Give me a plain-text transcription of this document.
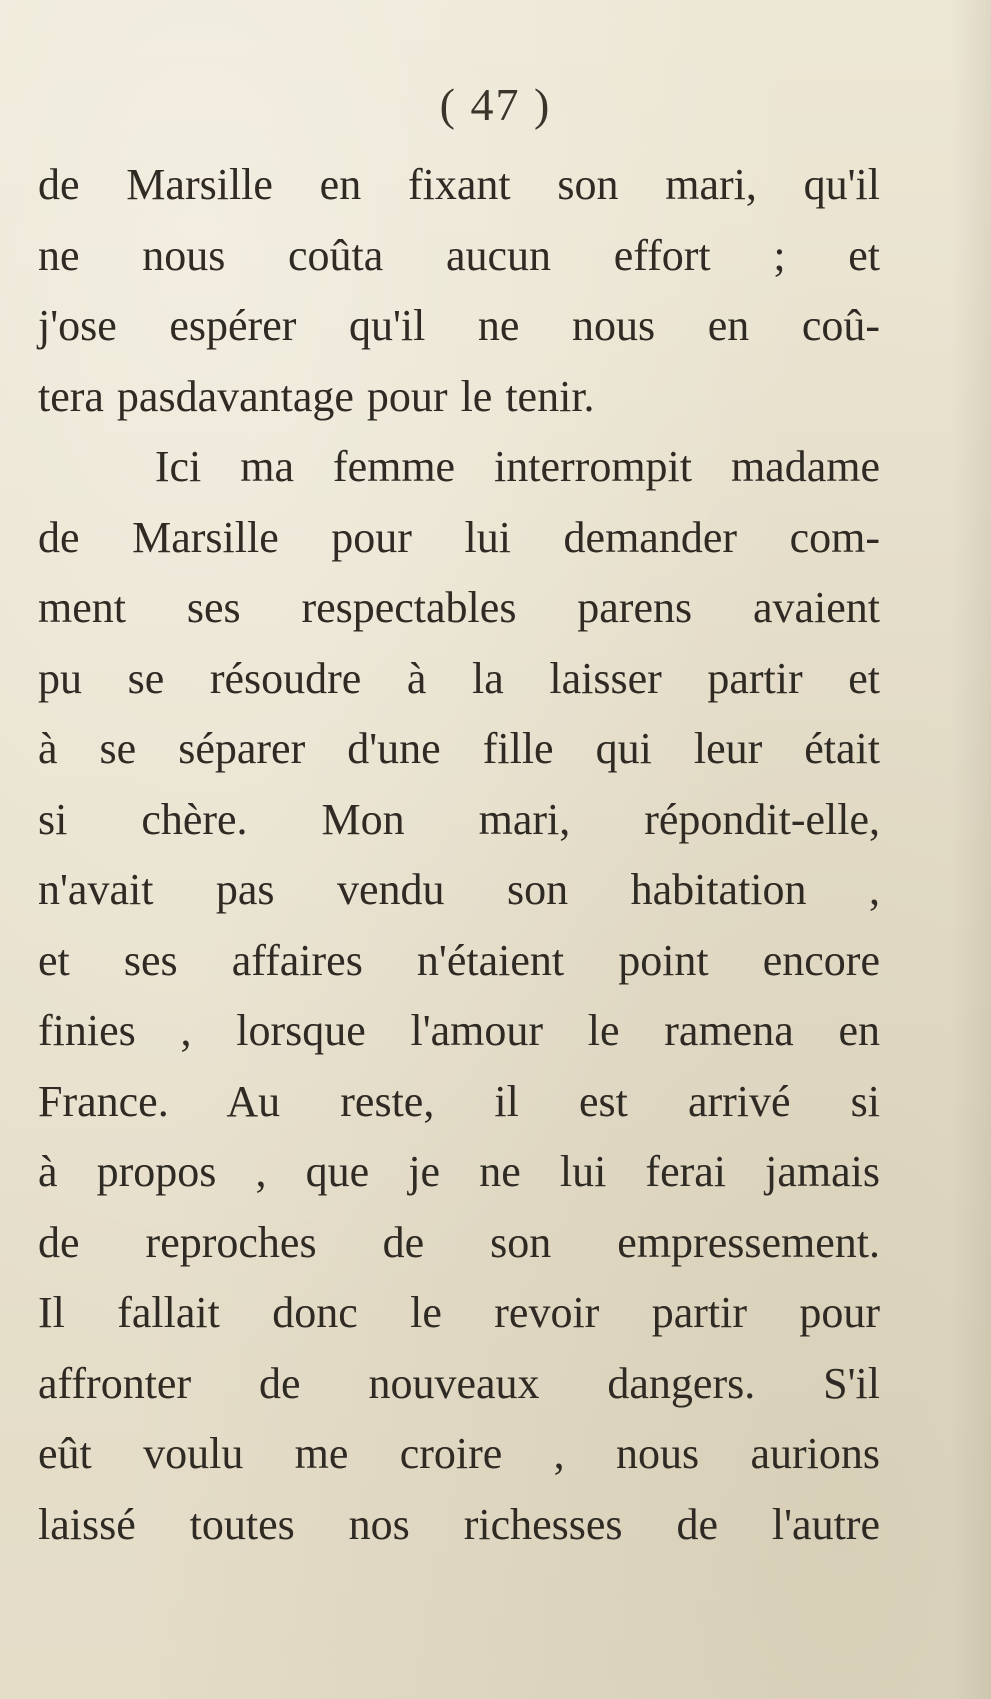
( 47 )
de Marsille en fixant son mari, qu'il
ne nous coûta aucun effort ; et
j'ose espérer qu'il ne nous en coû-
tera pasdavantage pour le tenir.
Ici ma femme interrompit madame
de Marsille pour lui demander com-
ment ses respectables parens avaient
pu se résoudre à la laisser partir et
à se séparer d'une fille qui leur était
si chère. Mon mari, répondit-elle,
n'avait pas vendu son habitation ,
et ses affaires n'étaient point encore
finies , lorsque l'amour le ramena en
France. Au reste, il est arrivé si
à propos , que je ne lui ferai jamais
de reproches de son empressement.
Il fallait donc le revoir partir pour
affronter de nouveaux dangers. S'il
eût voulu me croire , nous aurions
laissé toutes nos richesses de l'autre
